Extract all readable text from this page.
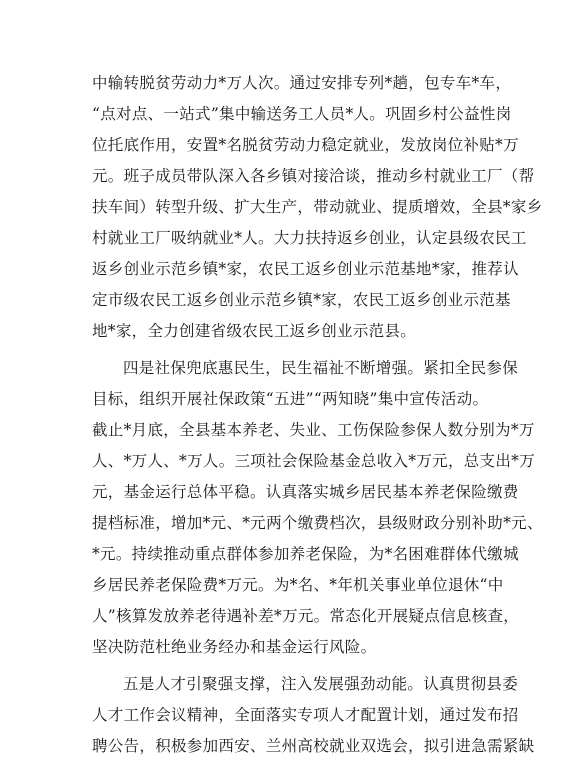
中输转脱贫劳动力*万人次。通过安排专列*趟，包专车*车，
“点对点、一站式”集中输送务工人员*人。巩固乡村公益性岗
位托底作用，安置*名脱贫劳动力稳定就业，发放岗位补贴*万
元。班子成员带队深入各乡镇对接洽谈，推动乡村就业工厂（帮
扶车间）转型升级、扩大生产，带动就业、提质增效，全县*家乡
村就业工厂吸纳就业*人。大力扶持返乡创业，认定县级农民工
返乡创业示范乡镇*家，农民工返乡创业示范基地*家，推荐认
定市级农民工返乡创业示范乡镇*家，农民工返乡创业示范基
地*家，全力创建省级农民工返乡创业示范县。

四是社保兜底惠民生，民生福祉不断增强。紧扣全民参保
目标，组织开展社保政策“五进”“两知晓”集中宣传活动。
截止*月底，全县基本养老、失业、工伤保险参保人数分别为*万
人、*万人、*万人。三项社会保险基金总收入*万元，总支出*万
元，基金运行总体平稳。认真落实城乡居民基本养老保险缴费
提档标准，增加*元、*元两个缴费档次，县级财政分别补助*元、
*元。持续推动重点群体参加养老保险，为*名困难群体代缴城
乡居民养老保险费*万元。为*名、*年机关事业单位退休“中
人”核算发放养老待遇补差*万元。常态化开展疑点信息核查，
坚决防范杜绝业务经办和基金运行风险。

五是人才引聚强支撑，注入发展强劲动能。认真贯彻县委
人才工作会议精神，全面落实专项人才配置计划，通过发布招
聘公告，积极参加西安、兰州高校就业双选会，拟引进急需紧缺
